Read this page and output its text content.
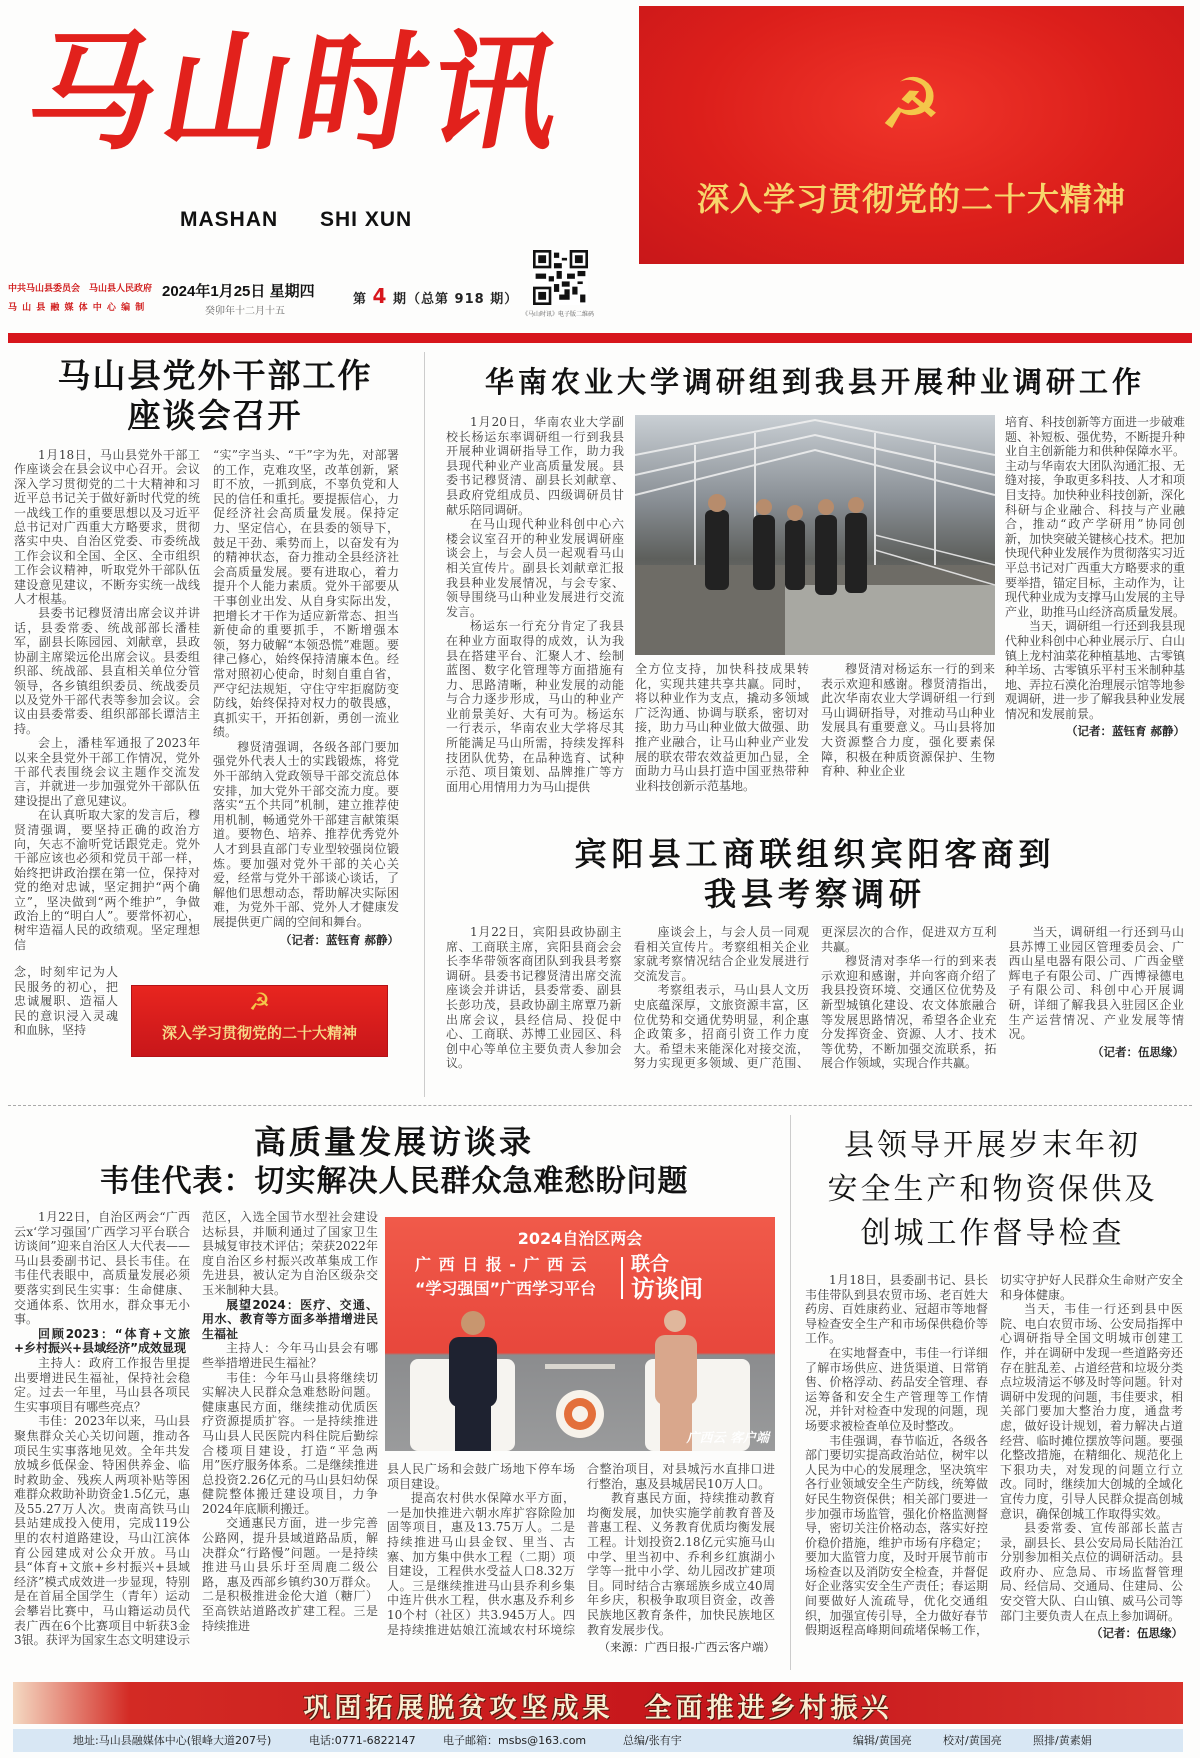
马山时讯
MASHAN SHI XUN
☭
深入学习贯彻党的二十大精神
中共马山县委员会　马山县人民政府
马 山 县 融 媒 体 中 心 编 制
2024年1月25日 星期四
癸卯年十二月十五
第 4 期（总第 918 期）
《马山时讯》电子版二维码
马山县党外干部工作
座谈会召开

1月18日，马山县党外干部工作座谈会在县会议中心召开。会议深入学习贯彻党的二十大精神和习近平总书记关于做好新时代党的统一战线工作的重要思想以及习近平总书记对广西重大方略要求，贯彻落实中央、自治区党委、市委统战工作会议和全国、全区、全市组织工作会议精神，听取党外干部队伍建设意见建议，不断夯实统一战线人才根基。

县委书记穆贤清出席会议并讲话，县委常委、统战部部长潘桂军，副县长陈园园、刘献章，县政协副主席梁远伦出席会议。县委组织部、统战部、县直相关单位分管领导，各乡镇组织委员、统战委员以及党外干部代表等参加会议。会议由县委常委、组织部部长谭洁主持。

会上，潘桂军通报了2023年以来全县党外干部工作情况，党外干部代表围绕会议主题作交流发言，并就进一步加强党外干部队伍建设提出了意见建议。

在认真听取大家的发言后，穆贤清强调，要坚持正确的政治方向，矢志不渝听党话跟党走。党外干部应该也必须和党员干部一样，始终把讲政治摆在第一位，保持对党的绝对忠诚，坚定拥护“两个确立”，坚决做到“两个维护”，争做政治上的“明白人”。要常怀初心，树牢造福人民的政绩观。坚定理想信

念，时刻牢记为人民服务的初心，把忠诚履职、造福人民的意识浸入灵魂和血脉，坚持

“实”字当头、“干”字为先，对部署的工作，克难攻坚，改革创新，紧盯不放，一抓到底，不辜负党和人民的信任和重托。要提振信心，力促经济社会高质量发展。保持定力、坚定信心，在县委的领导下，鼓足干劲、乘势而上，以奋发有为的精神状态，奋力推动全县经济社会高质量发展。要有进取心，着力提升个人能力素质。党外干部要从干事创业出发、从自身实际出发，把增长才干作为适应新常态、担当新使命的重要抓手，不断增强本领，努力破解“本领恐慌”难题。要律己修心，始终保持清廉本色。经常对照初心使命，时刻自重自省，严守纪法规矩，守住守牢拒腐防变防线，始终保持对权力的敬畏感，真抓实干，开拓创新，勇创一流业绩。

穆贤清强调，各级各部门要加强党外代表人士的实践锻炼，将党外干部纳入党政领导干部交流总体安排，加大党外干部交流力度。要落实“五个共同”机制，建立推荐使用机制，畅通党外干部建言献策渠道。要物色、培养、推荐优秀党外人才到县直部门专业型较强岗位锻炼。要加强对党外干部的关心关爱，经常与党外干部谈心谈话，了解他们思想动态，帮助解决实际困难，为党外干部、党外人才健康发展提供更广阔的空间和舞台。

（记者：蓝钰育 郝静）
☭
深入学习贯彻党的二十大精神
华南农业大学调研组到我县开展种业调研工作

1月20日，华南农业大学副校长杨运东率调研组一行到我县开展种业调研指导工作，助力我县现代种业产业高质量发展。县委书记穆贤清、副县长刘献章、县政府党组成员、四级调研员甘献乐陪同调研。

在马山现代种业科创中心六楼会议室召开的种业发展调研座谈会上，与会人员一起观看马山相关宣传片。副县长刘献章汇报我县种业发展情况，与会专家、领导围绕马山种业发展进行交流发言。

杨运东一行充分肯定了我县在种业方面取得的成效，认为我县在搭建平台、汇聚人才、绘制蓝图、数字化管理等方面措施有力、思路清晰，种业发展的动能与合力逐步形成，马山的种业产业前景美好、大有可为。杨运东一行表示，华南农业大学将尽其所能满足马山所需，持续发挥科技团队优势，在品种选育、试种示范、项目策划、品牌推广等方面用心用情用力为马山提供

全方位支持，加快科技成果转化，实现共建共享共赢。同时，将以种业作为支点，撬动多领域广泛沟通、协调与联系，密切对接，助力马山种业做大做强、助推产业融合，让马山种业产业发展的联农带农效益更加凸显，全面助力马山县打造中国亚热带种业科技创新示范基地。

穆贤清对杨运东一行的到来表示欢迎和感谢。穆贤清指出，此次华南农业大学调研组一行到马山调研指导，对推动马山种业发展具有重要意义。马山县将加大资源整合力度，强化要素保障，积极在种质资源保护、生物育种、种业企业

培育、科技创新等方面进一步破难题、补短板、强优势，不断提升种业自主创新能力和供种保障水平。主动与华南农大团队沟通汇报、无缝对接，争取更多科技、人才和项目支持。加快种业科技创新，深化科研与企业融合、科技与产业融合，推动“政产学研用”协同创新，加快突破关键核心技术。把加快现代种业发展作为贯彻落实习近平总书记对广西重大方略要求的重要举措，锚定目标，主动作为，让现代种业成为支撑马山发展的主导产业，助推马山经济高质量发展。

当天，调研组一行还到我县现代种业科创中心种业展示厅、白山镇上龙村油菜花种植基地、古零镇种羊场、古零镇乐平村玉米制种基地、弄拉石漠化治理展示馆等地参观调研，进一步了解我县种业发展情况和发展前景。

（记者：蓝钰育 郝静）
宾阳县工商联组织宾阳客商到
我县考察调研

1月22日，宾阳县政协副主席、工商联主席，宾阳县商会会长李华带领客商团队到我县考察调研。县委书记穆贤清出席交流座谈会并讲话，县委常委、副县长彭功茂，县政协副主席覃乃新出席会议，县经信局、投促中心、工商联、苏博工业园区、科创中心等单位主要负责人参加会议。

座谈会上，与会人员一同观看相关宣传片。考察组相关企业家就考察情况结合企业发展进行交流发言。

考察组表示，马山县人文历史底蕴深厚，文旅资源丰富，区位优势和交通优势明显，利企惠企政策多，招商引资工作力度大。希望未来能深化对接交流，努力实现更多领域、更广范围、更深层次的合作，促进双方互利共赢。

穆贤清对李华一行的到来表示欢迎和感谢，并向客商介绍了我县投资环境、交通区位优势及新型城镇化建设、农文体旅融合等发展思路情况，希望各企业充分发挥资金、资源、人才、技术等优势，不断加强交流联系，拓展合作领域，实现合作共赢。

当天，调研组一行还到马山县苏博工业园区管理委员会、广西山星电器有限公司、广西金壁辉电子有限公司、广西博禄德电子有限公司、科创中心开展调研，详细了解我县入驻园区企业生产运营情况、产业发展等情况。

（记者：伍思缘）
高质量发展访谈录
韦佳代表：切实解决人民群众急难愁盼问题

1月22日，自治区两会“广西云x‘学习强国’广西学习平台联合访谈间”迎来自治区人大代表——马山县委副书记、县长韦佳。在韦佳代表眼中，高质量发展必须要落实到民生实事：生命健康、交通体系、饮用水，群众事无小事。

回顾2023：“体育+文旅+乡村振兴+县域经济”成效显现

主持人：政府工作报告里提出要增进民生福祉，保持社会稳定。过去一年里，马山县各项民生实事项目有哪些亮点？

韦佳：2023年以来，马山县聚焦群众关心关切问题，推动各项民生实事落地见效。全年共发放城乡低保金、特困供养金、临时救助金、残疾人两项补贴等困难群众救助补助资金1.5亿元，惠及55.27万人次。贵南高铁马山县站建成投入使用，完成119公里的农村道路建设，马山江滨体育公园建成对公众开放。马山县“体育+文旅+乡村振兴+县域经济”模式成效进一步显现，特别是在首届全国学生（青年）运动会攀岩比赛中，马山籍运动员代表广西在6个比赛项目中斩获3金3银。获评为国家生态文明建设示范区，入选全国节水型社会建设达标县，并顺利通过了国家卫生县城复审技术评估；荣获2022年度自治区乡村振兴改革集成工作先进县，被认定为自治区级杂交玉米制种大县。

展望2024：医疗、交通、用水、教育等方面多举措增进民生福祉

主持人：今年马山县会有哪些举措增进民生福祉？

韦佳：今年马山县将继续切实解决人民群众急难愁盼问题。健康惠民方面，继续推动优质医疗资源提质扩容。一是持续推进马山县人民医院内科住院后勤综合楼项目建设，打造“平急两用”医疗服务体系。二是继续推进总投资2.26亿元的马山县妇幼保健院整体搬迁建设项目，力争2024年底顺利搬迁。

交通惠民方面，进一步完善公路网，提升县域道路品质，解决群众“行路慢”问题。一是持续推进马山县乐圩至周鹿二级公路，惠及西部乡镇约30万群众。二是积极推进金伦大道（糖厂）至高铁站道路改扩建工程。三是持续推进

2024自治区两会
广 西 日 报 - 广 西 云
“学习强国”广西学习平台
联合
访谈间
广西云 客户端

县人民广场和会鼓广场地下停车场项目建设。

提高农村供水保障水平方面，一是加快推进六朝水库扩容除险加固等项目，惠及13.75万人。二是持续推进马山县金钗、里当、古寨、加方集中供水工程（二期）项目建设，工程供水受益人口8.32万人。三是继续推进马山县乔利乡集中连片供水工程，供水惠及乔利乡10个村（社区）共3.945万人。四是持续推进姑娘江流域农村环境综合整治项目，对县城污水直排口进行整治，惠及县城居民10万人口。

教育惠民方面，持续推动教育均衡发展，加快实施学前教育普及普惠工程、义务教育优质均衡发展工程。计划投资2.18亿元实施马山中学、里当初中、乔利乡红旗湖小学等一批中小学、幼儿园改扩建项目。同时结合古寨瑶族乡成立40周年乡庆，积极争取项目资金，改善民族地区教育条件，加快民族地区教育发展步伐。

（来源：广西日报-广西云客户端）
县领导开展岁末年初
安全生产和物资保供及
创城工作督导检查

1月18日，县委副书记、县长韦佳带队到县农贸市场、老百姓大药房、百姓康药业、冠超市等地督导检查安全生产和市场保供稳价等工作。

在实地督查中，韦佳一行详细了解市场供应、进货渠道、日常销售、价格浮动、药品安全管理、春运筹备和安全生产管理等工作情况，并针对检查中发现的问题，现场要求被检查单位及时整改。

韦佳强调，春节临近，各级各部门要切实提高政治站位，树牢以人民为中心的发展理念，坚决筑牢各行业领域安全生产防线，统筹做好民生物资保供；相关部门要进一步加强市场监管，强化价格监测督导，密切关注价格动态，落实好控价稳价措施，维护市场有序稳定；要加大监管力度，及时开展节前市场检查以及消防安全检查，并督促好企业落实安全生产责任；春运期间要做好人流疏导，优化交通组织，加强宣传引导，全力做好春节假期返程高峰期间疏堵保畅工作，切实守护好人民群众生命财产安全和身体健康。

当天，韦佳一行还到县中医院、电白农贸市场、公安局指挥中心调研指导全国文明城市创建工作，并在调研中发现一些道路旁还存在脏乱差、占道经营和垃圾分类点垃圾清运不够及时等问题。针对调研中发现的问题，韦佳要求，相关部门要加大整治力度，通盘考虑，做好设计规划，着力解决占道经营、临时摊位摆放等问题。要强化整改措施，在精细化、规范化上下狠功夫，对发现的问题立行立改。同时，继续加大创城的全域化宣传力度，引导人民群众提高创城意识，确保创城工作取得实效。

县委常委、宣传部部长蓝吉录，副县长、县公安局局长陆治江分别参加相关点位的调研活动。县政府办、应急局、市场监督管理局、经信局、交通局、住建局、公安交管大队、白山镇、威马公司等部门主要负责人在点上参加调研。

（记者：伍思缘）
巩固拓展脱贫攻坚成果　全面推进乡村振兴
地址:马山县融媒体中心(银峰大道207号)	电话:0771-6822147 电子邮箱：msbs@163.com	总编/张有宇	编辑/黄国亮	校对/黄国亮	照排/黄素娟
